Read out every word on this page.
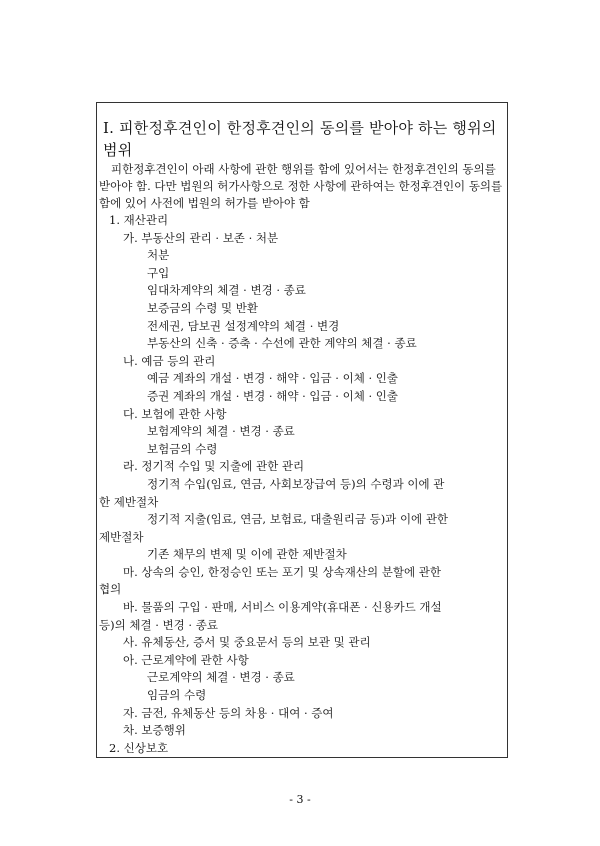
Ⅰ. 피한정후견인이 한정후견인의 동의를 받아야 하는 행위의 범위
피한정후견인이 아래 사항에 관한 행위를 함에 있어서는 한정후견인의 동의를 받아야 함. 다만 법원의 허가사항으로 정한 사항에 관하여는 한정후견인이 동의를 함에 있어 사전에 법원의 허가를 받아야 함
1. 재산관리
가. 부동산의 관리 · 보존 · 처분
처분
구입
임대차계약의 체결 · 변경 · 종료
보증금의 수령 및 반환
전세권, 담보권 설정계약의 체결 · 변경
부동산의 신축 · 증축 · 수선에 관한 계약의 체결 · 종료
나. 예금 등의 관리
예금 계좌의 개설 · 변경 · 해약 · 입금 · 이체 · 인출
증권 계좌의 개설 · 변경 · 해약 · 입금 · 이체 · 인출
다. 보험에 관한 사항
보험계약의 체결 · 변경 · 종료
보험금의 수령
라. 정기적 수입 및 지출에 관한 관리
정기적 수입(임료, 연금, 사회보장급여 등)의 수령과 이에 관
한 제반절차
정기적 지출(임료, 연금, 보험료, 대출원리금 등)과 이에 관한
제반절차
기존 채무의 변제 및 이에 관한 제반절차
마. 상속의 승인, 한정승인 또는 포기 및 상속재산의 분할에 관한
협의
바. 물품의 구입 · 판매, 서비스 이용계약(휴대폰 · 신용카드 개설
등)의 체결 · 변경 · 종료
사. 유체동산, 증서 및 중요문서 등의 보관 및 관리
아. 근로계약에 관한 사항
근로계약의 체결 · 변경 · 종료
임금의 수령
자. 금전, 유체동산 등의 차용 · 대여 · 증여
차. 보증행위
2. 신상보호
- 3 -
